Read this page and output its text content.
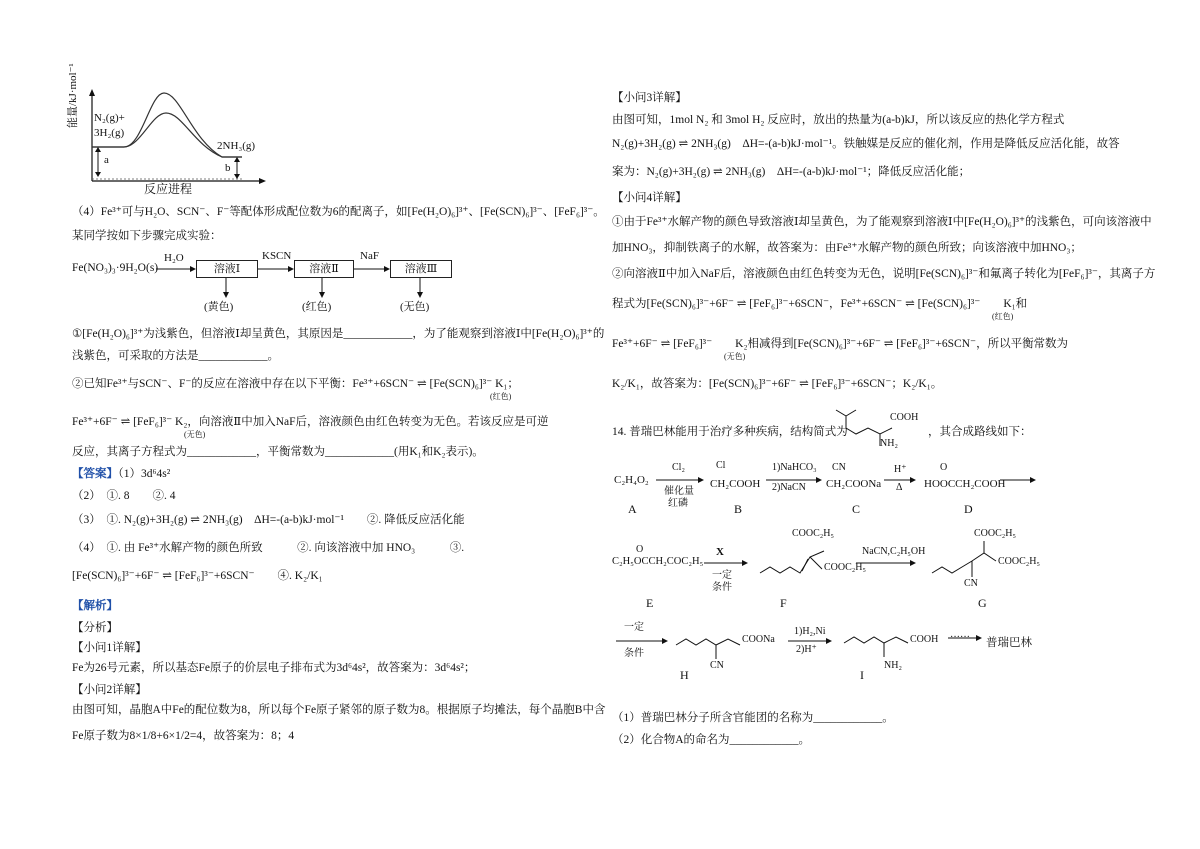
能量/kJ·mol⁻¹ N₂(g)+
3H₂(g)
2NH₃(g)
a
b
反应进程
（4）Fe³⁺可与H₂O、SCN⁻、F⁻等配体形成配位数为6的配离子，如[Fe(H₂O)₆]³⁺、[Fe(SCN)₆]³⁻、[FeF₆]³⁻。
某同学按如下步骤完成实验：
Fe(NO₃)₃·9H₂O(s)
H₂O
溶液Ⅰ
KSCN
溶液Ⅱ
NaF
溶液Ⅲ
(黄色)	(红色)	(无色)
①[Fe(H₂O)₆]³⁺为浅紫色，但溶液Ⅰ却呈黄色，其原因是____________，为了能观察到溶液Ⅰ中[Fe(H₂O)₆]³⁺的
浅紫色，可采取的方法是____________。
②已知Fe³⁺与SCN⁻、F⁻的反应在溶液中存在以下平衡：Fe³⁺+6SCN⁻ ⇌ [Fe(SCN)₆]³⁻ K₁；
(红色)
Fe³⁺+6F⁻ ⇌ [FeF₆]³⁻ K₂，向溶液Ⅱ中加入NaF后，溶液颜色由红色转变为无色。若该反应是可逆
(无色)
反应，其离子方程式为____________，平衡常数为____________(用K₁和K₂表示)。
【答案】（1）3d⁶4s²
（2）　①. 8　　②. 4
（3）　①. N₂(g)+3H₂(g) ⇌ 2NH₃(g)　ΔH=-(a-b)kJ·mol⁻¹　　②. 降低反应活化能
（4）　①. 由 Fe³⁺水解产物的颜色所致　　　②. 向该溶液中加 HNO₃　　　③.
[Fe(SCN)₆]³⁻+6F⁻ ⇌ [FeF₆]³⁻+6SCN⁻　　④. K₂/K₁
【解析】
【分析】
【小问1详解】
Fe为26号元素，所以基态Fe原子的价层电子排布式为3d⁶4s²，故答案为：3d⁶4s²；
【小问2详解】
由图可知，晶胞A中Fe的配位数为8，所以每个Fe原子紧邻的原子数为8。根据原子均摊法，每个晶胞B中含
Fe原子数为8×1/8+6×1/2=4，故答案为：8；4
【小问3详解】
由图可知，1mol N₂ 和 3mol H₂ 反应时，放出的热量为(a-b)kJ，所以该反应的热化学方程式
N₂(g)+3H₂(g) ⇌ 2NH₃(g)　ΔH=-(a-b)kJ·mol⁻¹。铁触媒是反应的催化剂，作用是降低反应活化能，故答
案为：N₂(g)+3H₂(g) ⇌ 2NH₃(g)　ΔH=-(a-b)kJ·mol⁻¹；降低反应活化能；
【小问4详解】
①由于Fe³⁺水解产物的颜色导致溶液Ⅰ却呈黄色，为了能观察到溶液Ⅰ中[Fe(H₂O)₆]³⁺的浅紫色，可向该溶液中
加HNO₃，抑制铁离子的水解，故答案为：由Fe³⁺水解产物的颜色所致；向该溶液中加HNO₃；
②向溶液Ⅱ中加入NaF后，溶液颜色由红色转变为无色，说明[Fe(SCN)₆]³⁻和氟离子转化为[FeF₆]³⁻，其离子方
程式为[Fe(SCN)₆]³⁻+6F⁻ ⇌ [FeF₆]³⁻+6SCN⁻，Fe³⁺+6SCN⁻ ⇌ [Fe(SCN)₆]³⁻　　K₁和
(红色)
Fe³⁺+6F⁻ ⇌ [FeF₆]³⁻　　K₂相减得到[Fe(SCN)₆]³⁻+6F⁻ ⇌ [FeF₆]³⁻+6SCN⁻，所以平衡常数为
(无色)
K₂/K₁，故答案为：[Fe(SCN)₆]³⁻+6F⁻ ⇌ [FeF₆]³⁻+6SCN⁻；K₂/K₁。
14. 普瑞巴林能用于治疗多种疾病，结构简式为
COOH
NH₂
，其合成路线如下：
C₂H₄O₂
Cl₂
催化量
红磷
Cl
CH₂COOH
1)NaHCO₃
2)NaCN
CN
CH₂COONa
H⁺
Δ
O
HOOCCH₂COOH
A	B	C	D
O
C₂H₅OCCH₂COC₂H₅
X
一定
条件
COOC₂H₅
COOC₂H₅
NaCN,C₂H₅OH
COOC₂H₅
COOC₂H₅
CN
E	F	G
一定
条件
COONa
CN
1)H₂,Ni
2)H⁺
COOH
NH₂
······ 普瑞巴林
H	I
（1）普瑞巴林分子所含官能团的名称为____________。
（2）化合物A的命名为____________。
